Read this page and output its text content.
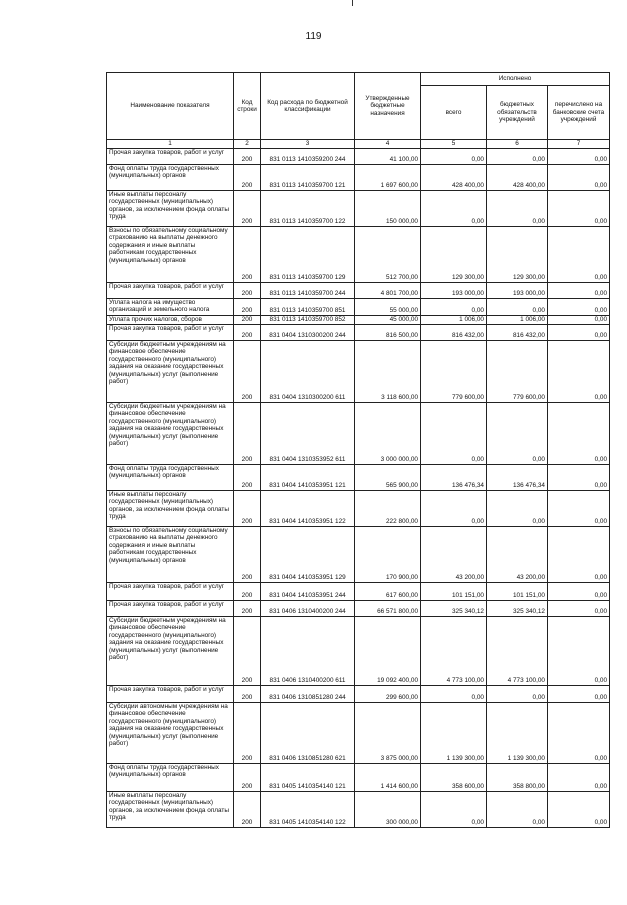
119
Наименование показателя	Код строки	Код расхода по бюджетной классификации	Утвержденные бюджетные назначения	Исполнено		
				всего	бюджетных обязательств учреждений	перечислено на банковские счета учреждений
1	2	3	4	5	6	7
Прочая закупка товаров, работ и услуг	200	831 0113 1410359200 244	41 100,00	0,00	0,00	0,00
Фонд оплаты труда государственных (муниципальных) органов	200	831 0113 1410359700 121	1 697 600,00	428 400,00	428 400,00	0,00
Иные выплаты персоналу государственных (муниципальных) органов, за исключением фонда оплаты труда	200	831 0113 1410359700 122	150 000,00	0,00	0,00	0,00
Взносы по обязательному социальному страхованию на выплаты денежного содержания и иные выплаты работникам государственных (муниципальных) органов	200	831 0113 1410359700 129	512 700,00	129 300,00	129 300,00	0,00
Прочая закупка товаров, работ и услуг	200	831 0113 1410359700 244	4 801 700,00	193 000,00	193 000,00	0,00
Уплата налога на имущество организаций и земельного налога	200	831 0113 1410359700 851	55 000,00	0,00	0,00	0,00
Уплата прочих налогов, сборов	200	831 0113 1410359700 852	45 000,00	1 006,00	1 006,00	0,00
Прочая закупка товаров, работ и услуг	200	831 0404 1310300200 244	816 500,00	816 432,00	816 432,00	0,00
Субсидии бюджетным учреждениям на финансовое обеспечение государственного (муниципального) задания на оказание государственных (муниципальных) услуг (выполнение работ)	200	831 0404 1310300200 611	3 118 600,00	779 600,00	779 600,00	0,00
Субсидии бюджетным учреждениям на финансовое обеспечение государственного (муниципального) задания на оказание государственных (муниципальных) услуг (выполнение работ)	200	831 0404 1310353952 611	3 000 000,00	0,00	0,00	0,00
Фонд оплаты труда государственных (муниципальных) органов	200	831 0404 1410353951 121	565 900,00	136 476,34	136 476,34	0,00
Иные выплаты персоналу государственных (муниципальных) органов, за исключением фонда оплаты труда	200	831 0404 1410353951 122	222 800,00	0,00	0,00	0,00
Взносы по обязательному социальному страхованию на выплаты денежного содержания и иные выплаты работникам государственных (муниципальных) органов	200	831 0404 1410353951 129	170 900,00	43 200,00	43 200,00	0,00
Прочая закупка товаров, работ и услуг	200	831 0404 1410353951 244	617 600,00	101 151,00	101 151,00	0,00
Прочая закупка товаров, работ и услуг	200	831 0406 1310400200 244	66 571 800,00	325 340,12	325 340,12	0,00
Субсидии бюджетным учреждениям на финансовое обеспечение государственного (муниципального) задания на оказание государственных (муниципальных) услуг (выполнение работ)	200	831 0406 1310400200 611	19 092 400,00	4 773 100,00	4 773 100,00	0,00
Прочая закупка товаров, работ и услуг	200	831 0406 1310851280 244	299 600,00	0,00	0,00	0,00
Субсидии автономным учреждениям на финансовое обеспечение государственного (муниципального) задания на оказание государственных (муниципальных) услуг (выполнение работ)	200	831 0406 1310851280 621	3 875 000,00	1 139 300,00	1 139 300,00	0,00
Фонд оплаты труда государственных (муниципальных) органов	200	831 0405 1410354140 121	1 414 600,00	358 600,00	358 800,00	0,00
Иные выплаты персоналу государственных (муниципальных) органов, за исключением фонда оплаты труда	200	831 0405 1410354140 122	300 000,00	0,00	0,00	0,00
